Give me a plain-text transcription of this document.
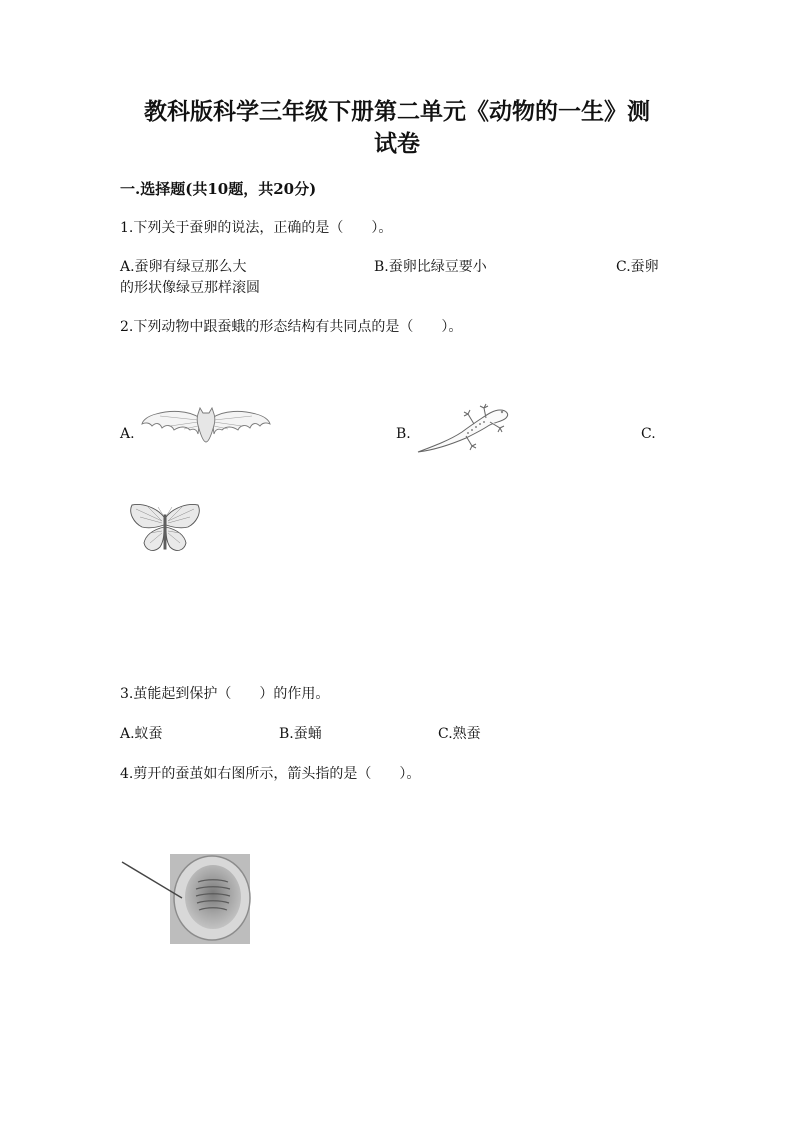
教科版科学三年级下册第二单元《动物的一生》测
试卷
一.选择题(共10题，共20分)
1.下列关于蚕卵的说法，正确的是（　　）。
A.蚕卵有绿豆那么大	B.蚕卵比绿豆要小	C.蚕卵
的形状像绿豆那样滚圆
2.下列动物中跟蚕蛾的形态结构有共同点的是（　　）。
A.	B.	C.
3.茧能起到保护（　　）的作用。
A.蚁蚕	B.蚕蛹	C.熟蚕
4.剪开的蚕茧如右图所示，箭头指的是（　　）。
